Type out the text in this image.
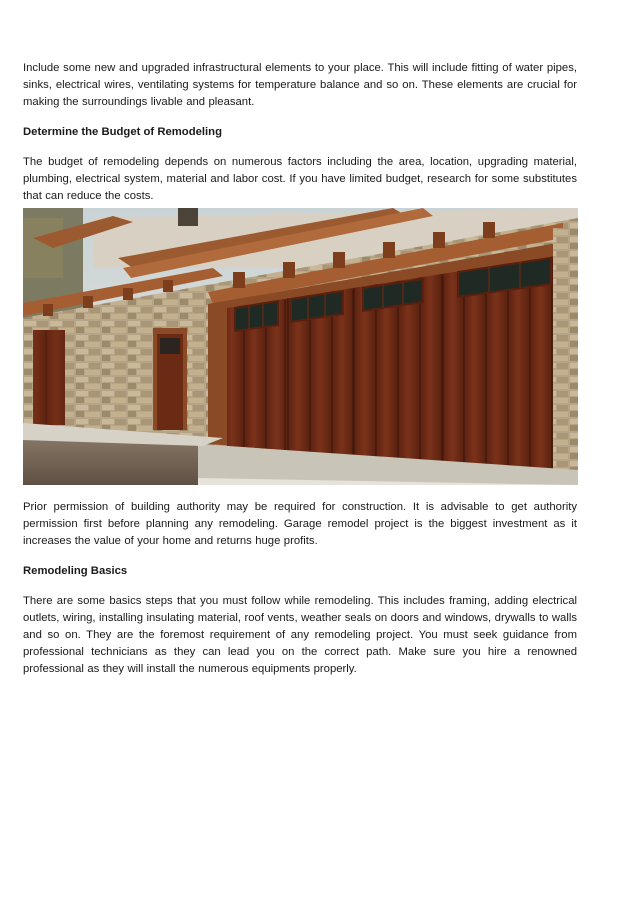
Include some new and upgraded infrastructural elements to your place. This will include fitting of water pipes, sinks, electrical wires, ventilating systems for temperature balance and so on. These elements are crucial for making the surroundings livable and pleasant.

Determine the Budget of Remodeling

The budget of remodeling depends on numerous factors including the area, location, upgrading material, plumbing, electrical system, material and labor cost. If you have limited budget, research for some substitutes that can reduce the costs.

Prior permission of building authority may be required for construction. It is advisable to get authority permission first before planning any remodeling. Garage remodel project is the biggest investment as it increases the value of your home and returns huge profits.

Remodeling Basics

There are some basics steps that you must follow while remodeling. This includes framing, adding electrical outlets, wiring, installing insulating material, roof vents, weather seals on doors and windows, drywalls to walls and so on. They are the foremost requirement of any remodeling project. You must seek guidance from professional technicians as they can lead you on the correct path. Make sure you hire a renowned professional as they will install the numerous equipments properly.
